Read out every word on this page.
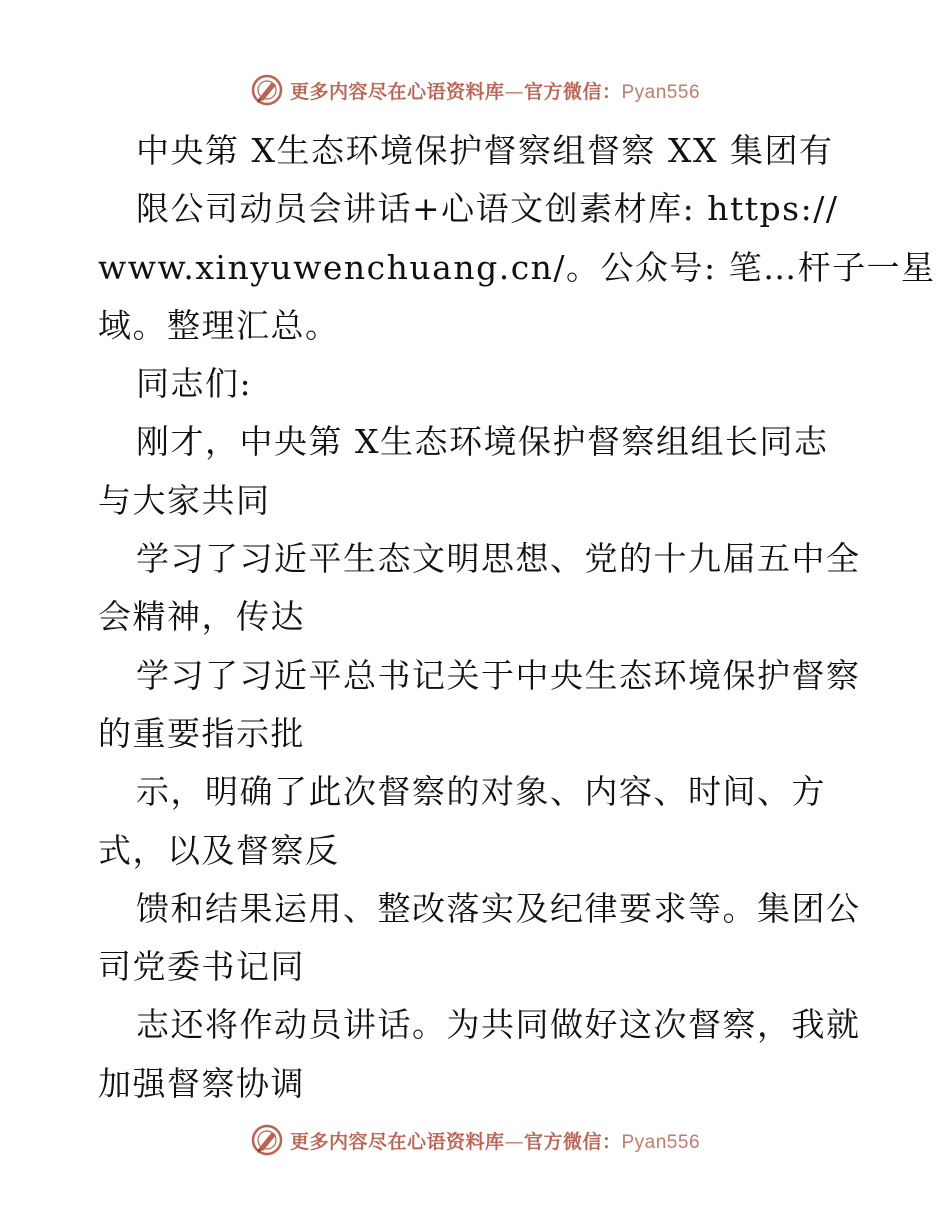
更多内容尽在心语资料库—官方微信：Pyan556
中央第 X生态环境保护督察组督察 XX 集团有
限公司动员会讲话+心语文创素材库: https://
www.xinyuwenchuang.cn/。公众号: 笔…杆子一星
域。整理汇总。
同志们:
刚才，中央第 X生态环境保护督察组组长同志
与大家共同
学习了习近平生态文明思想、党的十九届五中全
会精神，传达
学习了习近平总书记关于中央生态环境保护督察
的重要指示批
示，明确了此次督察的对象、内容、时间、方
式，以及督察反
馈和结果运用、整改落实及纪律要求等。集团公
司党委书记同
志还将作动员讲话。为共同做好这次督察，我就
加强督察协调
更多内容尽在心语资料库—官方微信：Pyan556
